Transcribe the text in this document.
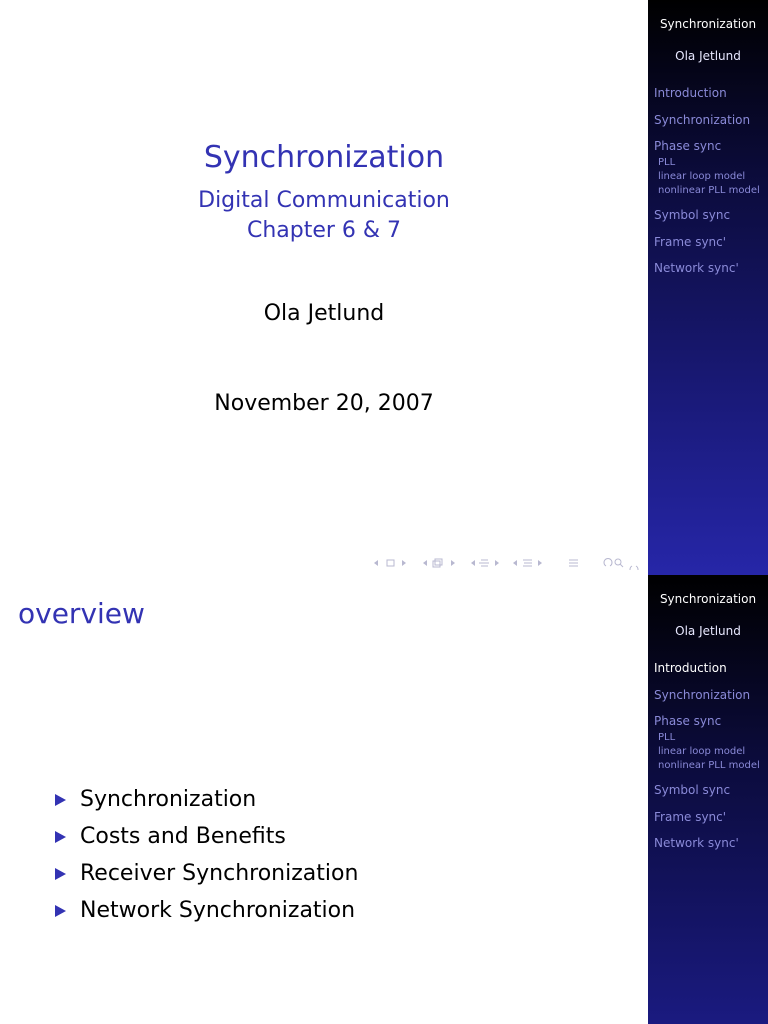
Synchronization
Digital Communication
Chapter 6 & 7
Ola Jetlund
November 20, 2007
Synchronization
Ola Jetlund
Introduction
Synchronization
Phase sync
PLL
linear loop model
nonlinear PLL model
Symbol sync
Frame sync'
Network sync'
overview
Synchronization
Costs and Benefits
Receiver Synchronization
Network Synchronization
Synchronization
Ola Jetlund
Introduction
Synchronization
Phase sync
PLL
linear loop model
nonlinear PLL model
Symbol sync
Frame sync'
Network sync'
